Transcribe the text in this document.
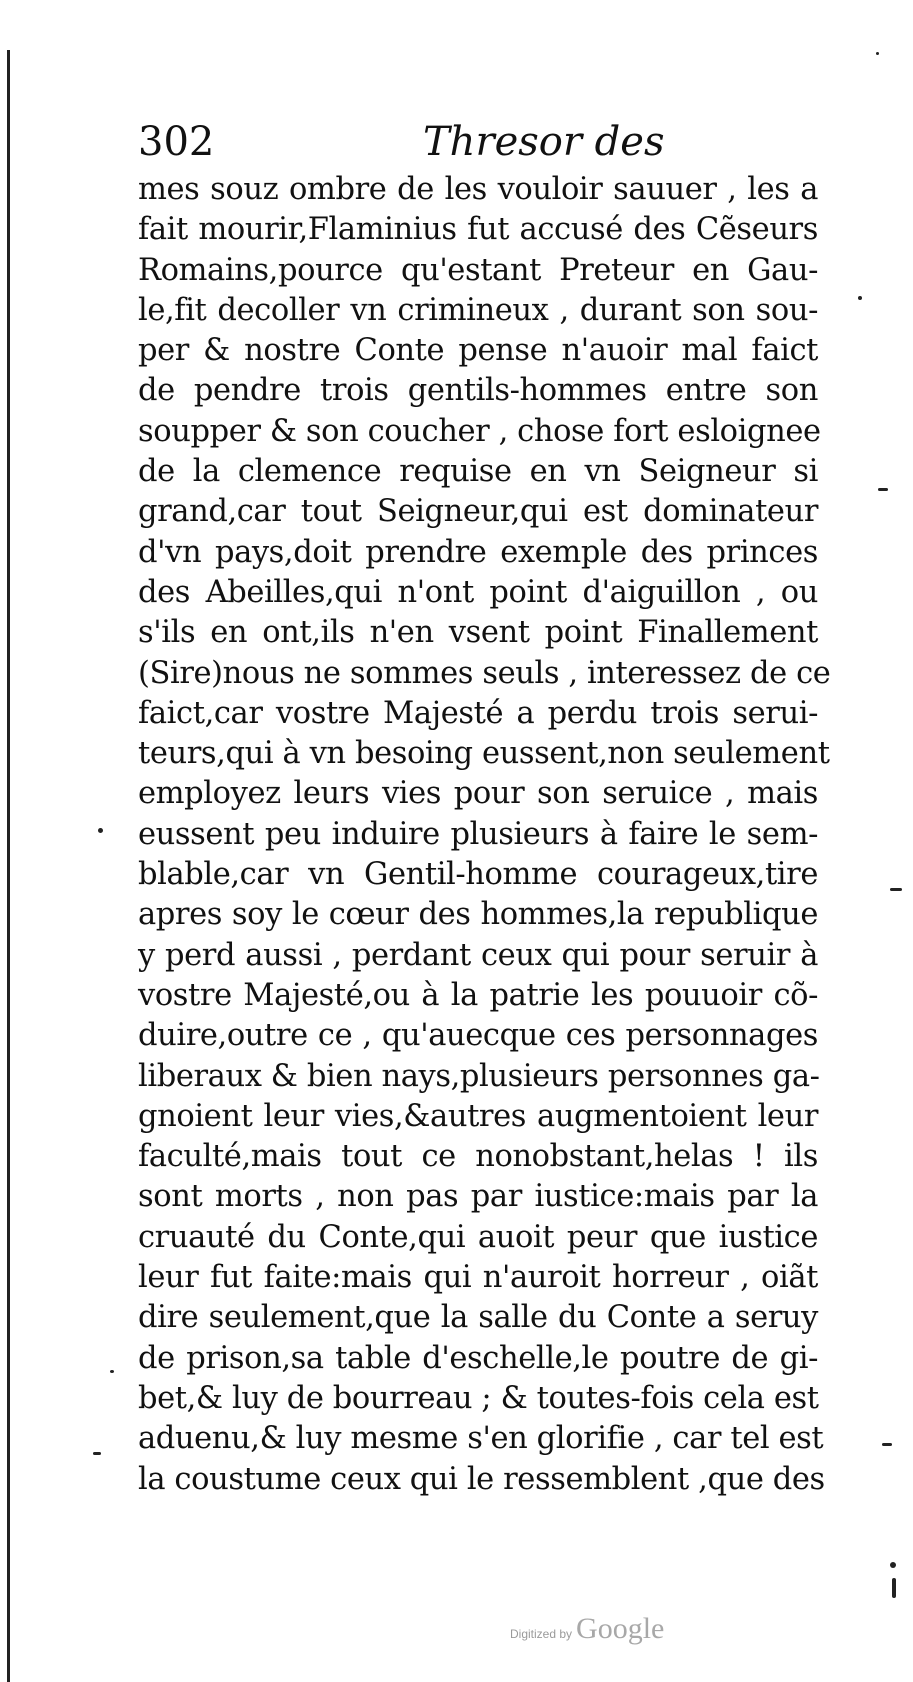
302	Thresor des
mes souz ombre de les vouloir sauuer , les a
fait mourir,Flaminius fut accusé des Cẽseurs
Romains,pource qu'estant Preteur en Gau-
le,fit decoller vn crimineux , durant son sou-
per & nostre Conte pense n'auoir mal faict
de pendre trois gentils-hommes entre son
soupper & son coucher , chose fort esloignee
de la clemence requise en vn Seigneur si
grand,car tout Seigneur,qui est dominateur
d'vn pays,doit prendre exemple des princes
des Abeilles,qui n'ont point d'aiguillon , ou
s'ils en ont,ils n'en vsent point Finallement
(Sire)nous ne sommes seuls , interessez de ce
faict,car vostre Majesté a perdu trois serui-
teurs,qui à vn besoing eussent,non seulement
employez leurs vies pour son seruice , mais
eussent peu induire plusieurs à faire le sem-
blable,car vn Gentil-homme courageux,tire
apres soy le cœur des hommes,la republique
y perd aussi , perdant ceux qui pour seruir à
vostre Majesté,ou à la patrie les pouuoir cõ-
duire,outre ce , qu'auecque ces personnages
liberaux & bien nays,plusieurs personnes ga-
gnoient leur vies,&autres augmentoient leur
faculté,mais tout ce nonobstant,helas ! ils
sont morts , non pas par iustice:mais par la
cruauté du Conte,qui auoit peur que iustice
leur fut faite:mais qui n'auroit horreur , oiãt
dire seulement,que la salle du Conte a seruy
de prison,sa table d'eschelle,le poutre de gi-
bet,& luy de bourreau ; & toutes-fois cela est
aduenu,& luy mesme s'en glorifie , car tel est
la coustume ceux qui le ressemblent ,que des
Digitized by Google
